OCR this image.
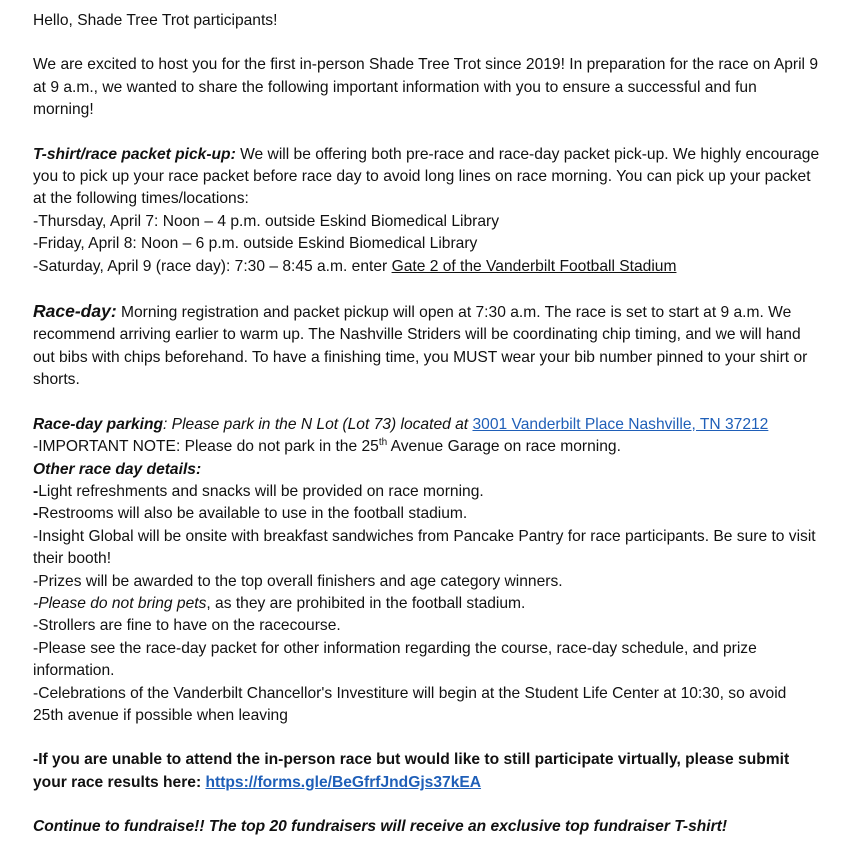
Hello, Shade Tree Trot participants!

We are excited to host you for the first in-person Shade Tree Trot since 2019! In preparation for the race on April 9 at 9 a.m., we wanted to share the following important information with you to ensure a successful and fun morning!

T-shirt/race packet pick-up: We will be offering both pre-race and race-day packet pick-up. We highly encourage you to pick up your race packet before race day to avoid long lines on race morning. You can pick up your packet at the following times/locations:

-Thursday, April 7: Noon – 4 p.m. outside Eskind Biomedical Library

-Friday, April 8: Noon – 6 p.m. outside Eskind Biomedical Library

-Saturday, April 9 (race day): 7:30 – 8:45 a.m. enter Gate 2 of the Vanderbilt Football Stadium

Race-day: Morning registration and packet pickup will open at 7:30 a.m. The race is set to start at 9 a.m. We recommend arriving earlier to warm up. The Nashville Striders will be coordinating chip timing, and we will hand out bibs with chips beforehand. To have a finishing time, you MUST wear your bib number pinned to your shirt or shorts.

Race-day parking: Please park in the N Lot (Lot 73) located at 3001 Vanderbilt Place Nashville, TN 37212

-IMPORTANT NOTE: Please do not park in the 25th Avenue Garage on race morning.

Other race day details:

-Light refreshments and snacks will be provided on race morning.

-Restrooms will also be available to use in the football stadium.

-Insight Global will be onsite with breakfast sandwiches from Pancake Pantry for race participants. Be sure to visit their booth!

-Prizes will be awarded to the top overall finishers and age category winners.

-Please do not bring pets, as they are prohibited in the football stadium.

-Strollers are fine to have on the racecourse.

-Please see the race-day packet for other information regarding the course, race-day schedule, and prize information.

-Celebrations of the Vanderbilt Chancellor's Investiture will begin at the Student Life Center at 10:30, so avoid 25th avenue if possible when leaving

-If you are unable to attend the in-person race but would like to still participate virtually, please submit your race results here: https://forms.gle/BeGfrfJndGjs37kEA

Continue to fundraise!! The top 20 fundraisers will receive an exclusive top fundraiser T-shirt!
